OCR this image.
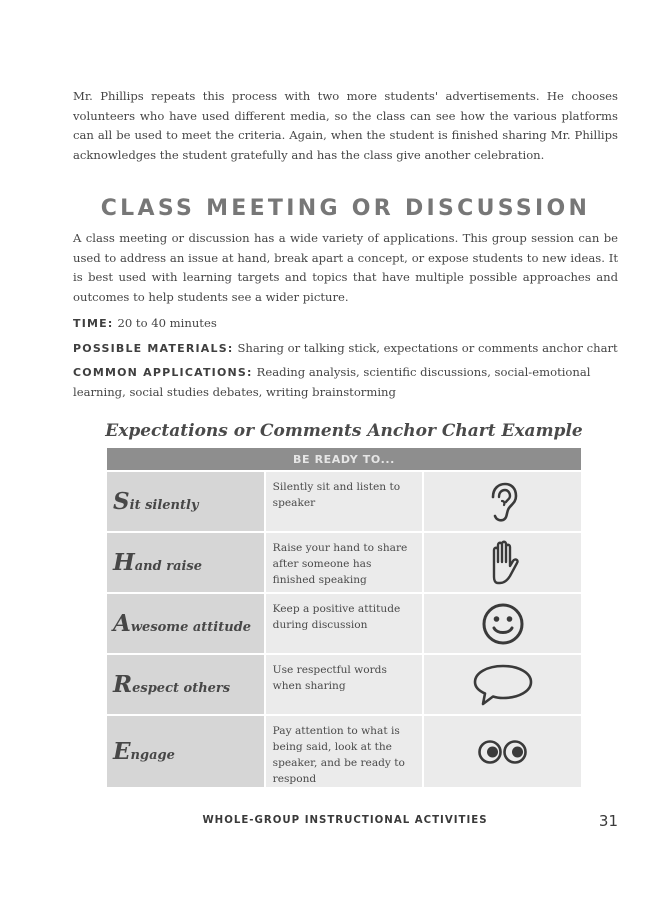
Mr. Phillips repeats this process with two more students' advertisements. He chooses volunteers who have used different media, so the class can see how the various platforms can all be used to meet the criteria. Again, when the student is finished sharing Mr. Phillips acknowledges the student gratefully and has the class give another celebration.

CLASS MEETING OR DISCUSSION

A class meeting or discussion has a wide variety of applications. This group session can be used to address an issue at hand, break apart a concept, or expose students to new ideas. It is best used with learning targets and topics that have multiple possible approaches and outcomes to help students see a wider picture.

TIME: 20 to 40 minutes

POSSIBLE MATERIALS: Sharing or talking stick, expectations or comments anchor chart

COMMON APPLICATIONS: Reading analysis, scientific discussions, social-emotional learning, social studies debates, writing brainstorming

Expectations or Comments Anchor Chart Example
BE READY TO...		
Sit silently	Silently sit and listen to speaker	

Hand raise	Raise your hand to share after someone has finished speaking	

Awesome attitude	Keep a positive attitude during discussion	

Respect others	Use respectful words when sharing	

Engage	Pay attention to what is being said, look at the speaker, and be ready to respond	

WHOLE-GROUP INSTRUCTIONAL ACTIVITIES	31
